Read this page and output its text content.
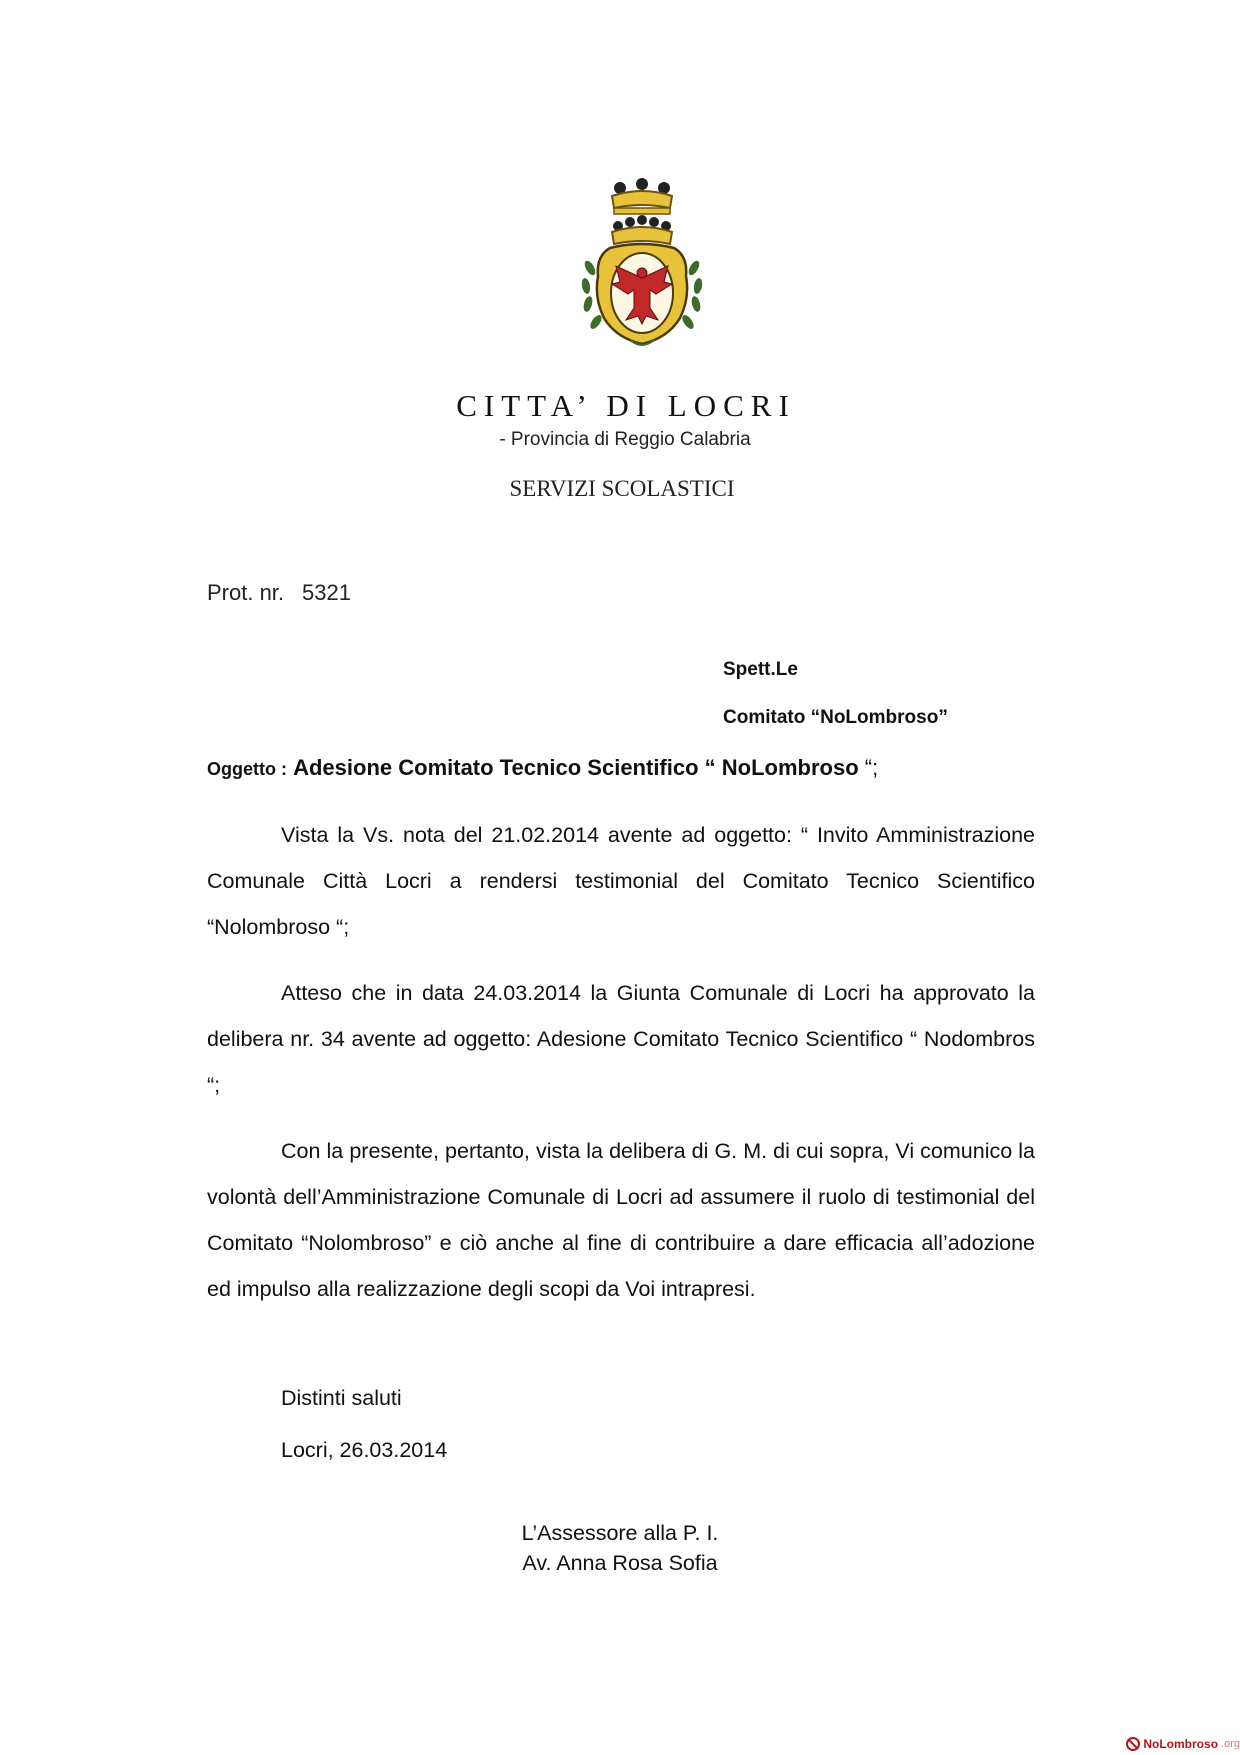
CITTA’ DI LOCRI
- Provincia di Reggio Calabria
SERVIZI SCOLASTICI
Prot. nr. 5321
Spett.Le
Comitato “NoLombroso”
Oggetto : Adesione Comitato Tecnico Scientifico “ NoLombroso “;

Vista la Vs. nota del 21.02.2014 avente ad oggetto: “ Invito Amministrazione Comunale Città Locri a rendersi testimonial del Comitato Tecnico Scientifico “Nolombroso “;

Atteso che in data 24.03.2014 la Giunta Comunale di Locri ha approvato la delibera nr. 34 avente ad oggetto: Adesione Comitato Tecnico Scientifico “ Nodombros “;

Con la presente, pertanto, vista la delibera di G. M. di cui sopra, Vi comunico la volontà dell’Amministrazione Comunale di Locri ad assumere il ruolo di testimonial del Comitato “Nolombroso” e ciò anche al fine di contribuire a dare efficacia all’adozione ed impulso alla realizzazione degli scopi da Voi intrapresi.

Distinti saluti
Locri, 26.03.2014
L’Assessore alla P. I.
Av. Anna Rosa Sofia
NoLombroso .org
